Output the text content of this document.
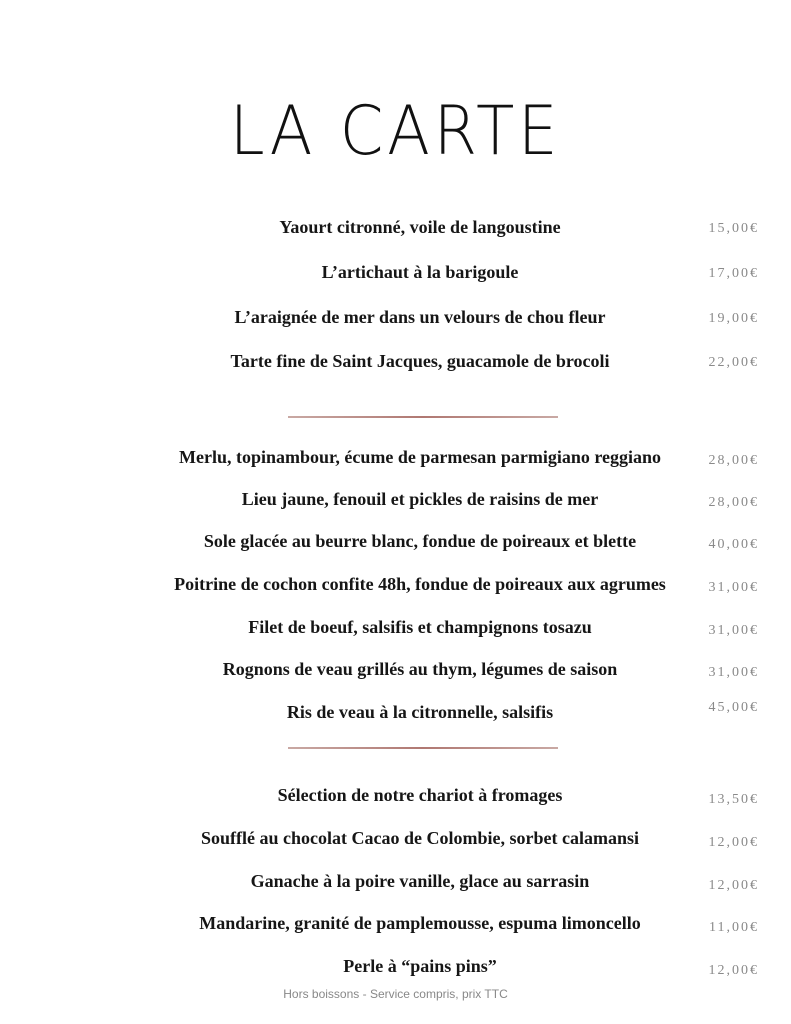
LA CARTE
Yaourt citronné, voile de langoustine	15,00€
L’artichaut à la barigoule	17,00€
L’araignée de mer dans un velours de chou fleur	19,00€
Tarte fine de Saint Jacques, guacamole de brocoli	22,00€
Merlu, topinambour, écume de parmesan parmigiano reggiano	28,00€
Lieu jaune, fenouil et pickles de raisins de mer	28,00€
Sole glacée au beurre blanc, fondue de poireaux et blette	40,00€
Poitrine de cochon confite 48h, fondue de poireaux aux agrumes	31,00€
Filet de boeuf, salsifis et champignons tosazu	31,00€
Rognons de veau grillés au thym, légumes de saison	31,00€
Ris de veau à la citronnelle, salsifis	45,00€
Sélection de notre chariot à fromages	13,50€
Soufflé au chocolat Cacao de Colombie, sorbet calamansi	12,00€
Ganache à la poire vanille, glace au sarrasin	12,00€
Mandarine, granité de pamplemousse, espuma limoncello	11,00€
Perle à “pains pins”	12,00€
Hors boissons - Service compris, prix TTC
